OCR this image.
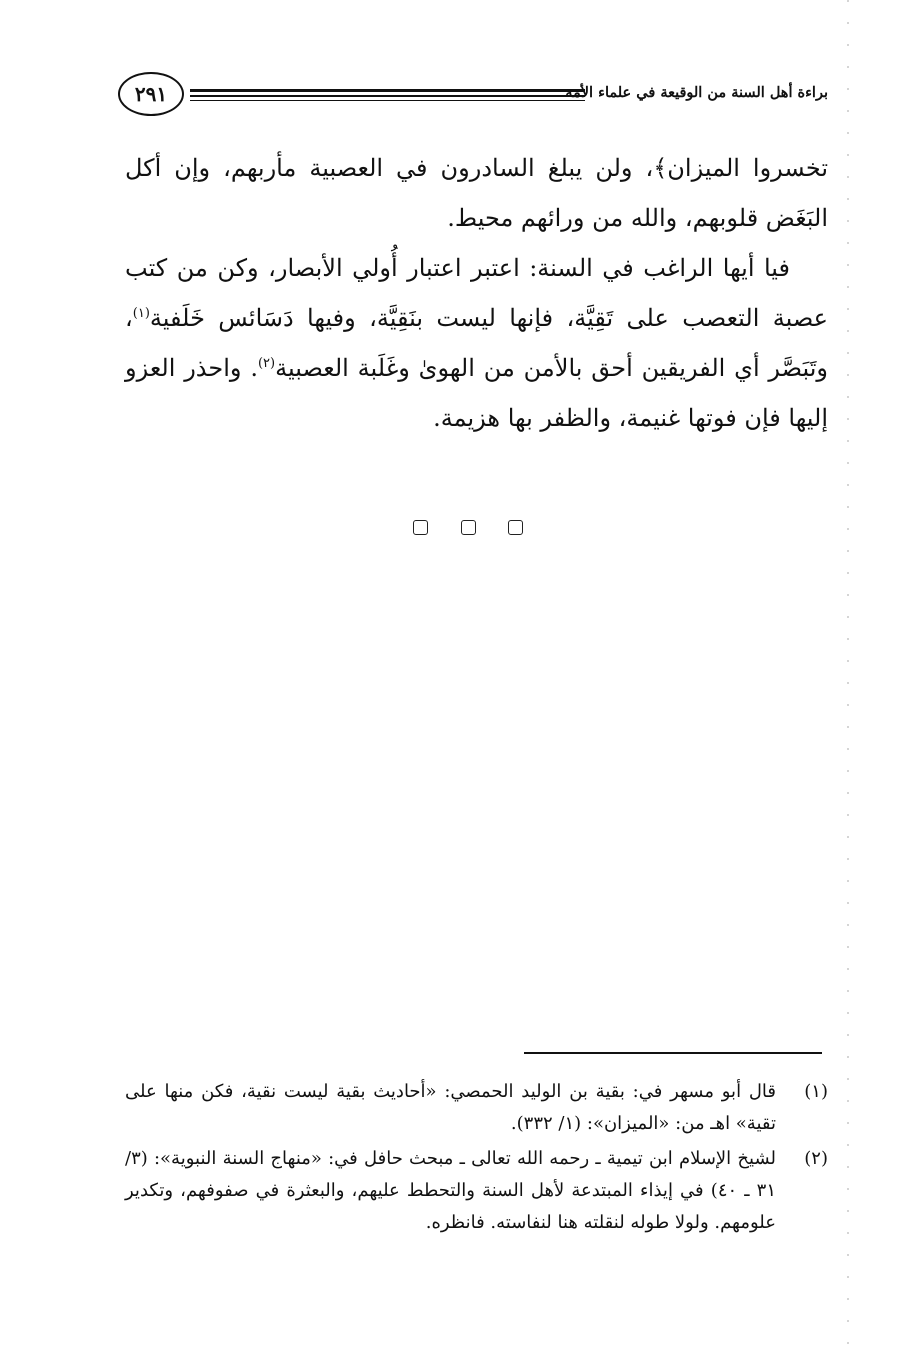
٢٩١	براءة أهل السنة من الوقيعة في علماء الأمة

تخسروا الميزان﴾، ولن يبلغ السادرون في العصبية مأربهم، وإن أكل البَغَض قلوبهم، والله من ورائهم محيط.

فيا أيها الراغب في السنة: اعتبر اعتبار أُولي الأبصار، وكن من كتب عصبة التعصب على تَقِيَّة، فإنها ليست بنَقِيَّة، وفيها دَسَائس خَلَفية$^{(١)}$، وتَبَصَّر أي الفريقين أحق بالأمن من الهوىٰ وغَلَبة العصبية$^{(٢)}$. واحذر العزو إليها فإن فوتها غنيمة، والظفر بها هزيمة.

(١)
قال أبو مسهر في: بقية بن الوليد الحمصي: «أحاديث بقية ليست نقية، فكن منها على تقية» اهـ من: «الميزان»: (١/ ٣٣٢).
(٢)
لشيخ الإسلام ابن تيمية ـ رحمه الله تعالى ـ مبحث حافل في: «منهاج السنة النبوية»: (٣/ ٣١ ـ ٤٠) في إيذاء المبتدعة لأهل السنة والتحطط عليهم، والبعثرة في صفوفهم، وتكدير علومهم. ولولا طوله لنقلته هنا لنفاسته. فانظره.
